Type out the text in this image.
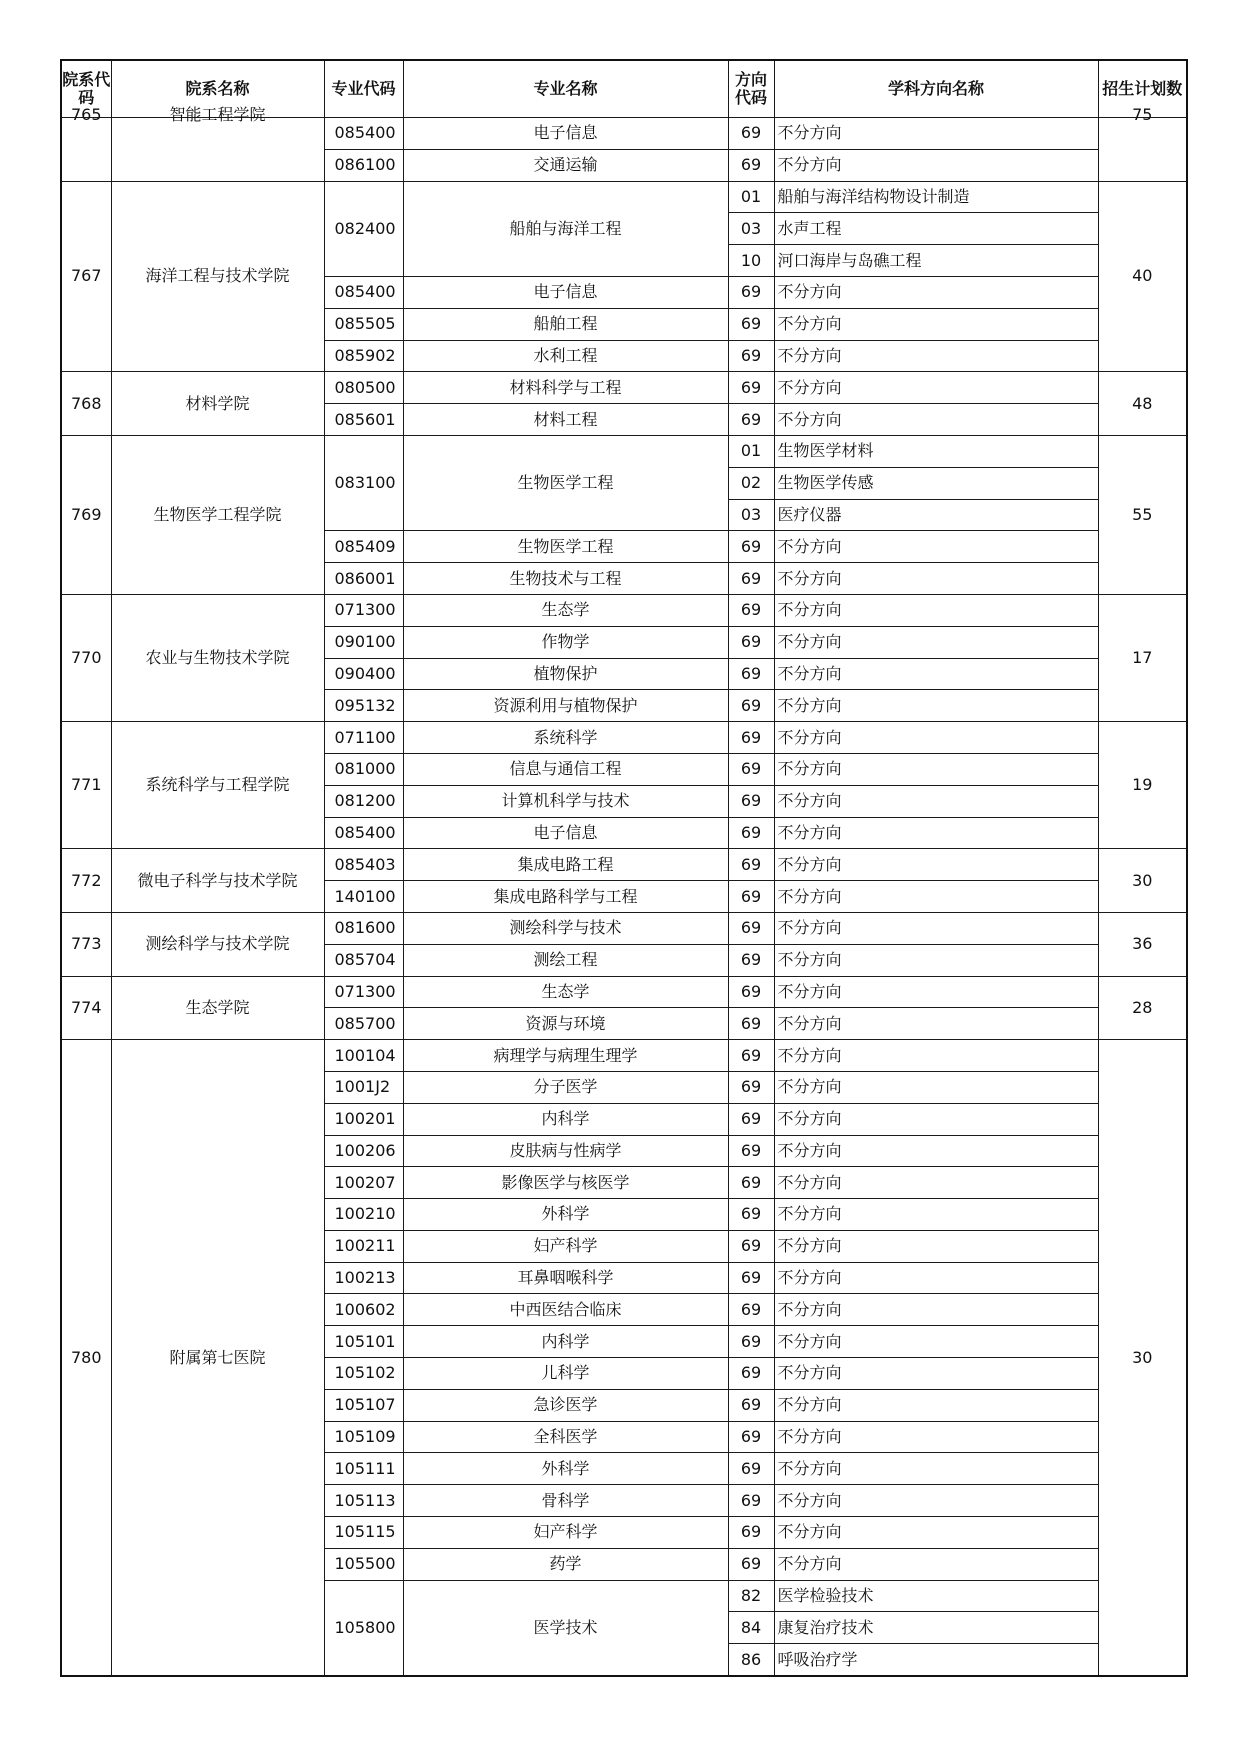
院系代码	院系名称	专业代码	专业名称	方向代码	学科方向名称	招生计划数

765	智能工程学院	085400	电子信息	69	不分方向	75

		086100	交通运输	69	不分方向	
767	海洋工程与技术学院	082400	船舶与海洋工程	01	船舶与海洋结构物设计制造	40
				03	水声工程	
				10	河口海岸与岛礁工程	
		085400	电子信息	69	不分方向	
		085505	船舶工程	69	不分方向	
		085902	水利工程	69	不分方向	
768	材料学院	080500	材料科学与工程	69	不分方向	48
		085601	材料工程	69	不分方向	
769	生物医学工程学院	083100	生物医学工程	01	生物医学材料	55
				02	生物医学传感	
				03	医疗仪器	
		085409	生物医学工程	69	不分方向	
		086001	生物技术与工程	69	不分方向	
770	农业与生物技术学院	071300	生态学	69	不分方向	17
		090100	作物学	69	不分方向	
		090400	植物保护	69	不分方向	
		095132	资源利用与植物保护	69	不分方向	
771	系统科学与工程学院	071100	系统科学	69	不分方向	19
		081000	信息与通信工程	69	不分方向	
		081200	计算机科学与技术	69	不分方向	
		085400	电子信息	69	不分方向	
772	微电子科学与技术学院	085403	集成电路工程	69	不分方向	30
		140100	集成电路科学与工程	69	不分方向	
773	测绘科学与技术学院	081600	测绘科学与技术	69	不分方向	36
		085704	测绘工程	69	不分方向	
774	生态学院	071300	生态学	69	不分方向	28
		085700	资源与环境	69	不分方向	
780	附属第七医院	100104	病理学与病理生理学	69	不分方向	30
		1001J2	分子医学	69	不分方向	
		100201	内科学	69	不分方向	
		100206	皮肤病与性病学	69	不分方向	
		100207	影像医学与核医学	69	不分方向	
		100210	外科学	69	不分方向	
		100211	妇产科学	69	不分方向	
		100213	耳鼻咽喉科学	69	不分方向	
		100602	中西医结合临床	69	不分方向	
		105101	内科学	69	不分方向	
		105102	儿科学	69	不分方向	
		105107	急诊医学	69	不分方向	
		105109	全科医学	69	不分方向	
		105111	外科学	69	不分方向	
		105113	骨科学	69	不分方向	
		105115	妇产科学	69	不分方向	
		105500	药学	69	不分方向	
		105800	医学技术	82	医学检验技术	
				84	康复治疗技术	
				86	呼吸治疗学	
